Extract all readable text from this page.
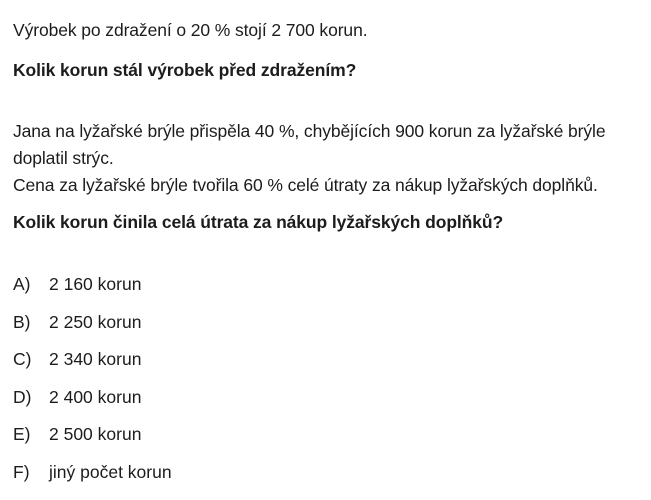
Výrobek po zdražení o 20 % stojí 2 700 korun.
Kolik korun stál výrobek před zdražením?
Jana na lyžařské brýle přispěla 40 %, chybějících 900 korun za lyžařské brýle
doplatil strýc.
Cena za lyžařské brýle tvořila 60 % celé útraty za nákup lyžařských doplňků.
Kolik korun činila celá útrata za nákup lyžařských doplňků?
A) 2 160 korun
B) 2 250 korun
C) 2 340 korun
D) 2 400 korun
E) 2 500 korun
F) jiný počet korun
